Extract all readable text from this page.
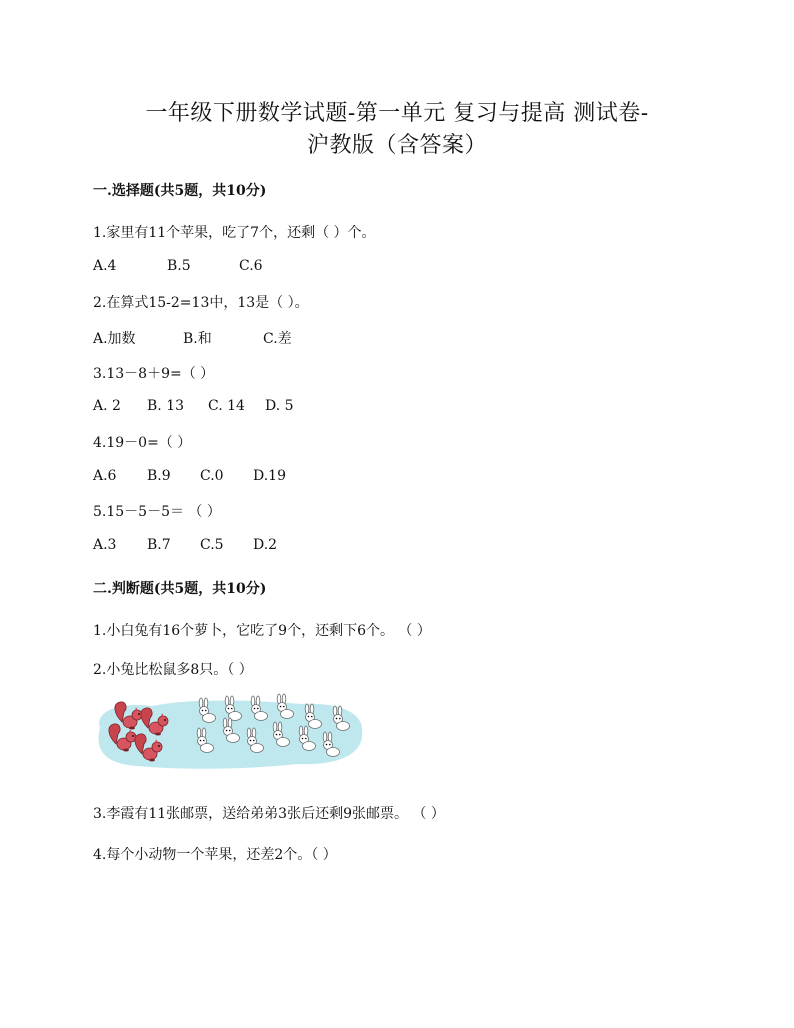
一年级下册数学试题-第一单元 复习与提高 测试卷-
沪教版（含答案）
一.选择题(共5题，共10分)
1.家里有11个苹果，吃了7个，还剩（ ）个。
A.4	B.5	C.6
2.在算式15-2=13中，13是（ ）。
A.加数	B.和	C.差
3.13－8＋9=（ ）
A. 2 B. 13 C. 14 D. 5
4.19－0=（ ）
A.6 B.9 C.0 D.19
5.15－5－5＝ （ ）
A.3 B.7 C.5 D.2
二.判断题(共5题，共10分)
1.小白兔有16个萝卜，它吃了9个，还剩下6个。 （ ）
2.小兔比松鼠多8只。（ ）
3.李霞有11张邮票，送给弟弟3张后还剩9张邮票。 （ ）
4.每个小动物一个苹果，还差2个。（ ）
